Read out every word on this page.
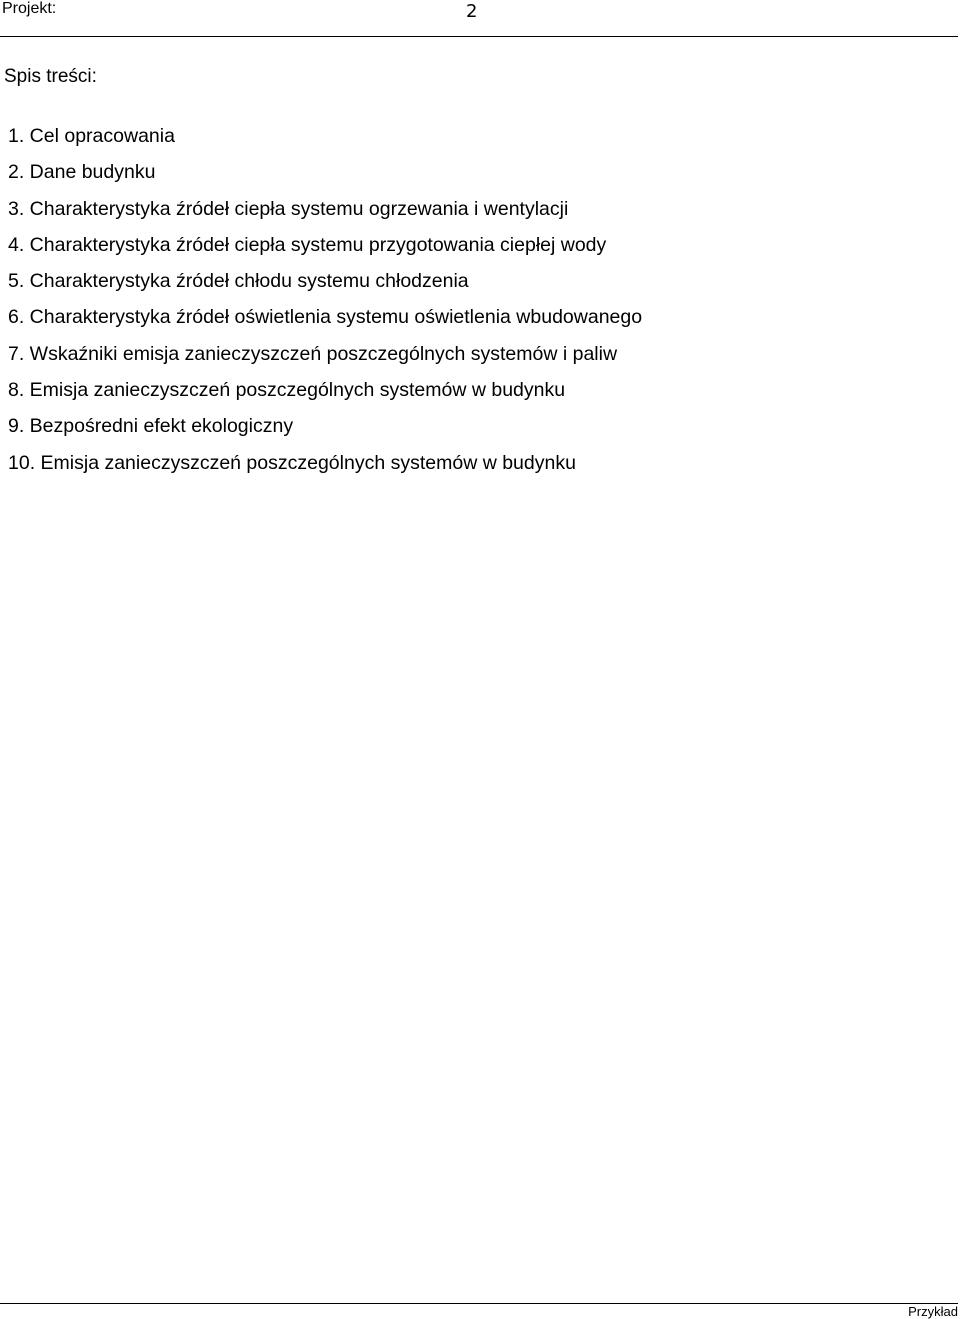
Projekt:	2
Spis treści:
1. Cel opracowania
2. Dane budynku
3. Charakterystyka źródeł ciepła systemu ogrzewania i wentylacji
4. Charakterystyka źródeł ciepła systemu przygotowania ciepłej wody
5. Charakterystyka źródeł chłodu systemu chłodzenia
6. Charakterystyka źródeł oświetlenia systemu oświetlenia wbudowanego
7. Wskaźniki emisja zanieczyszczeń poszczególnych systemów i paliw
8. Emisja zanieczyszczeń poszczególnych systemów w budynku
9. Bezpośredni efekt ekologiczny
10. Emisja zanieczyszczeń poszczególnych systemów w budynku
Przykład
